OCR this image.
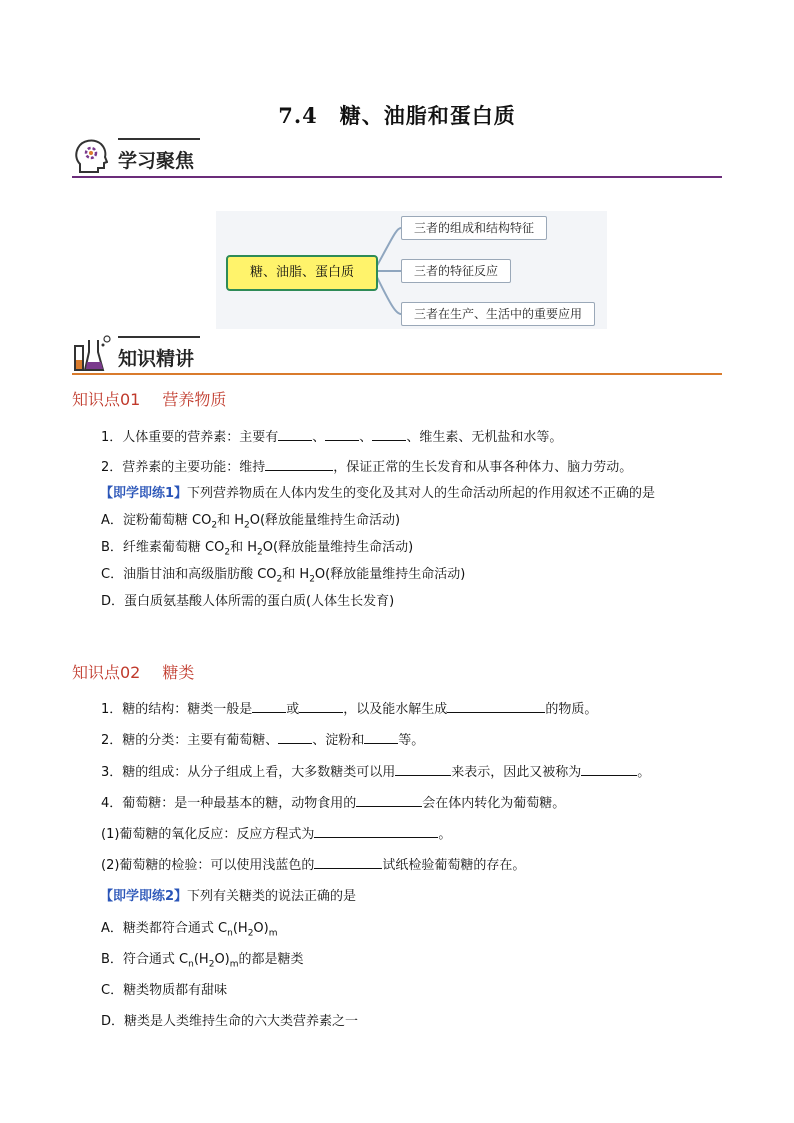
7.4 糖、油脂和蛋白质
学习聚焦
糖、油脂、蛋白质
三者的组成和结构特征
三者的特征反应
三者在生产、生活中的重要应用
知识精讲
知识点01 营养物质
1．人体重要的营养素：主要有	、	、	、维生素、无机盐和水等。
2．营养素的主要功能：维持	，保证正常的生长发育和从事各种体力、脑力劳动。
【即学即练1】下列营养物质在人体内发生的变化及其对人的生命活动所起的作用叙述不正确的是
A．淀粉葡萄糖 $CO_2$和 $H_2O$(释放能量维持生命活动)
B．纤维素葡萄糖 $CO_2$和 $H_2O$(释放能量维持生命活动)
C．油脂甘油和高级脂肪酸 $CO_2$和 $H_2O$(释放能量维持生命活动)
D．蛋白质氨基酸人体所需的蛋白质(人体生长发育)
知识点02 糖类
1．糖的结构：糖类一般是	或	，以及能水解生成	的物质。
2．糖的分类：主要有葡萄糖、	、淀粉和	等。
3．糖的组成：从分子组成上看，大多数糖类可以用	来表示，因此又被称为	。
4．葡萄糖：是一种最基本的糖，动物食用的	会在体内转化为葡萄糖。
(1)葡萄糖的氧化反应：反应方程式为	。
(2)葡萄糖的检验：可以使用浅蓝色的	试纸检验葡萄糖的存在。
【即学即练2】下列有关糖类的说法正确的是
A．糖类都符合通式 $C_n(H_2O)_m$
B．符合通式 $C_n(H_2O)_m$的都是糖类
C．糖类物质都有甜味
D．糖类是人类维持生命的六大类营养素之一
